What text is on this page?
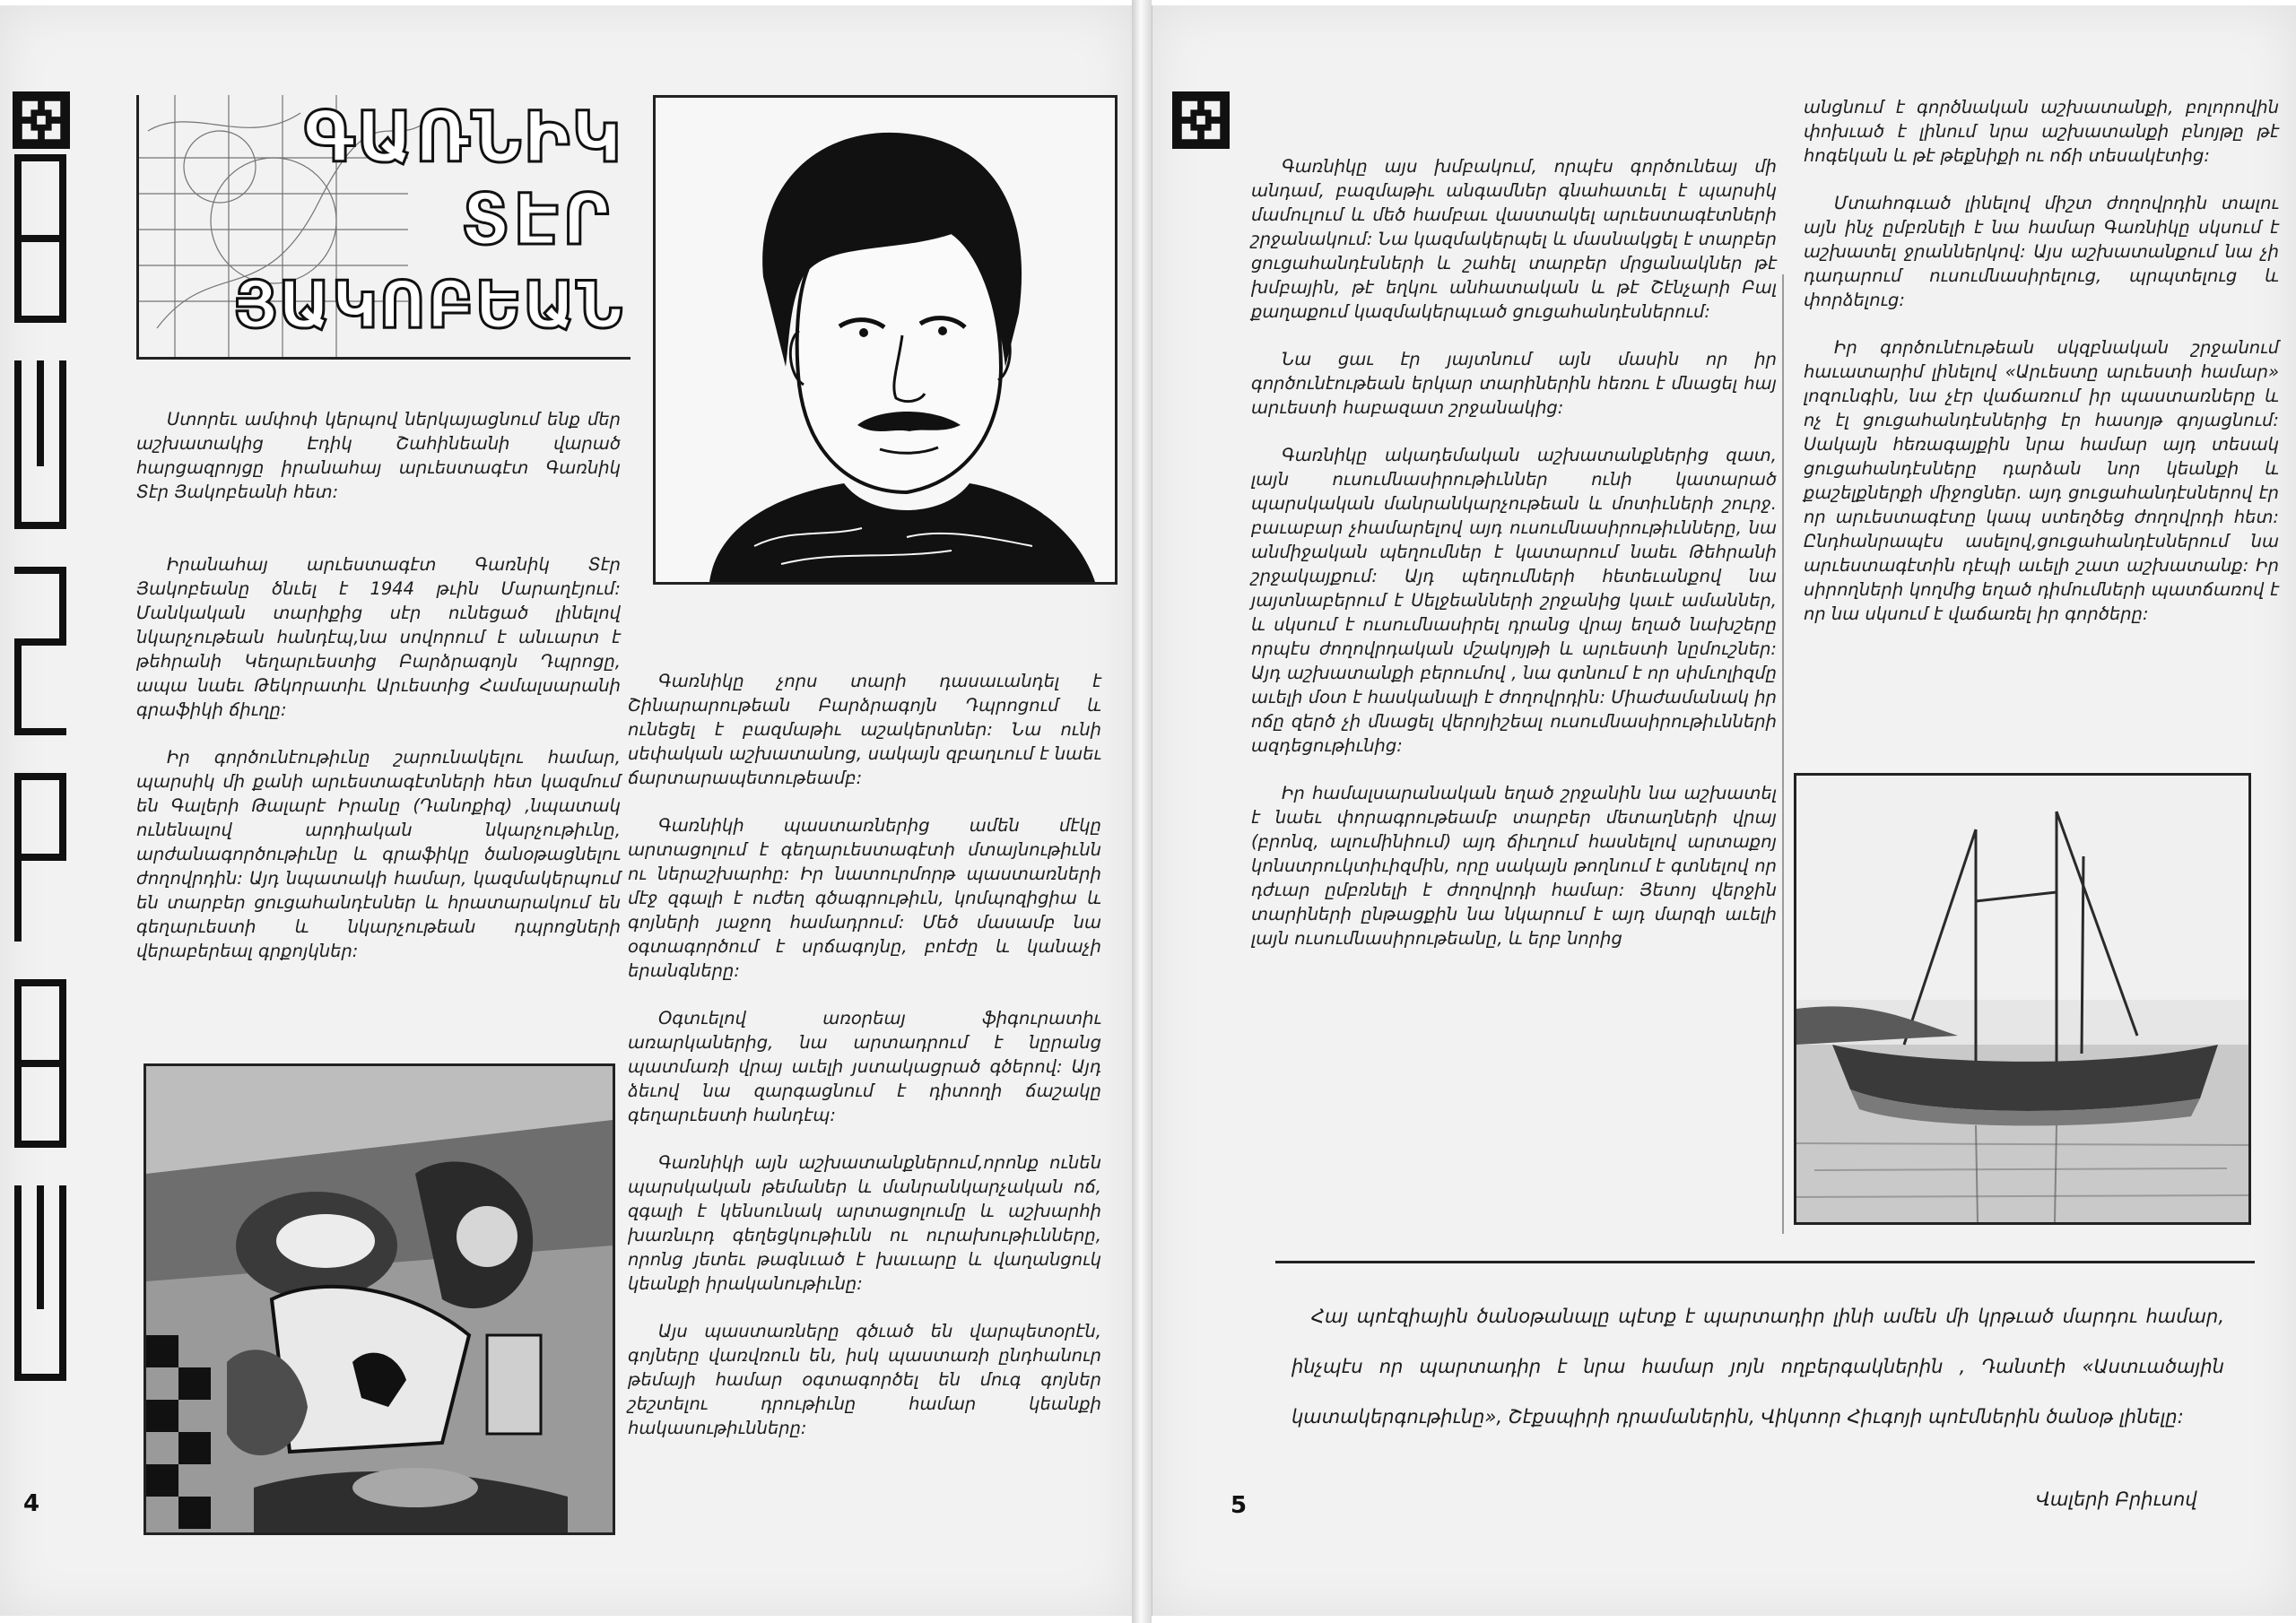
ԳԱՌՆԻԿ
ՏԷՐ
ՅԱԿՈԲԵԱՆ

Ստորեւ ամփոփ կերպով ներկայացնում ենք մեր աշխատակից Էդիկ Շահինեանի վարած հարցազրոյցը իրանահայ արւեստագէտ Գառնիկ Տէր Յակոբեանի հետ:

Իրանահայ արւեստագէտ Գառնիկ Տէր Յակոբեանը ծնւել է 1944 թւին Մարաղէյում: Մանկական տարիքից սէր ունեցած լինելով նկարչութեան հանդէպ,նա սովորում է անւարտ է թեհրանի Կեղարւեստից Բարձրագոյն Դպրոցը, ապա նաեւ Թեկորատիւ Արւեստից Համալսարանի գրաֆիկի ճիւղը:

Իր գործունէութիւնը շարունակելու համար, պարսիկ մի քանի արւեստագէտների հետ կազմում են Գալերի Թալարէ Իրանը (Դանոքիզ) ,նպատակ ունենալով արդիական նկարչութիւնը, արժանագործութիւնը և գրաֆիկը ծանօթացնելու ժողովրդին: Այդ նպատակի համար, կազմակերպում են տարբեր ցուցահանդէսներ և հրատարակում են գեղարւեստի և նկարչութեան դպրոցների վերաբերեալ գրքոյկներ:

Ֆնդ Է.

Գառնիկը չորս տարի դասաւանդել է Շինարարութեան Բարձրագոյն Դպրոցում և ունեցել է բազմաթիւ աշակերտներ: Նա ունի սեփական աշխատանոց, սակայն զբաղւում է նաեւ ճարտարապետութեամբ:

Գառնիկի պաստառներից ամեն մէկը արտացոլում է գեղարւեստագէտի մտայնութիւնն ու ներաշխարհը: Իր նատուրմորթ պաստառների մէջ զգալի է ուժեղ գծագրութիւն, կոմպոզիցիա և գոյների յաջող համադրում: Մեծ մասամբ նա օգտագործում է սրճագոյնը, բոէժը և կանաչի երանգները:

Օգտւելով առօրեայ ֆիգուրատիւ առարկաներից, նա արտադրում է նըրանց պատմառի վրայ աւելի յստակացրած գծերով: Այդ ձեւով նա զարգացնում է դիտողի ճաշակը գեղարւեստի հանդէպ:

Գառնիկի այն աշխատանքներում,որոնք ունեն պարսկական թեմաներ և մանրանկարչական ոճ, զգալի է կենսունակ արտացոլումը և աշխարհի խառնւրդ գեղեցկութիւնն ու ուրախութիւնները, որոնց յետեւ թագնւած է խաւարը և վաղանցուկ կեանքի իրականութիւնը:

Այս պաստառները գծւած են վարպետօրէն, գոյները վառվռուն են, իսկ պաստառի ընդհանուր թեմայի համար օգտագործել են մուգ գոյներ շեշտելու դրութիւնը համար կեանքի հակասութիւնները:

4

Գառնիկը այս խմբակում, որպէս գործունեայ մի անդամ, բազմաթիւ անգամներ գնահատւել է պարսիկ մամուլում և մեծ համբաւ վաստակել արւեստագէտների շրջանակում: Նա կազմակերպել և մասնակցել է տարբեր ցուցահանդէսների և շահել տարբեր մրցանակներ թէ խմբային, թէ եղկու անհատական և թէ Շէնչարի Բալ քաղաքում կազմակերպւած ցուցահանդէսներում:

Նա ցաւ էր յայտնում այն մասին որ իր գործունէութեան երկար տարիներին հեռու է մնացել հայ արւեստի հաբազատ շրջանակից:

Գառնիկը ակադեմական աշխատանքներից զատ, լայն ուսումնասիրութիւններ ունի կատարած պարսկական մանրանկարչութեան և մոտիւների շուրջ. բաւաբար չհամարելով այդ ուսումնասիրութիւնները, նա անմիջական պեղումներ է կատարում նաեւ Թեհրանի շրջակայքում: Այդ պեղումների հետեւանքով նա յայտնաբերում է Սելջեանների շրջանից կաւէ ամաններ, և սկսում է ուսումնասիրել դրանց վրայ եղած նախշերը որպէս ժողովրդական մշակոյթի և արւեստի նըմուշներ: Այդ աշխատանքի բերումով , նա գտնում է որ սիմւոլիզմը աւելի մօտ է հասկանալի է ժողովրդին: Միաժամանակ իր ոճը զերծ չի մնացել վերոյիշեալ ուսումնասիրութիւնների ազդեցութիւնից:

Իր համալսարանական եղած շրջանին նա աշխատել է նաեւ փորագրութեամբ տարբեր մետաղների վրայ (բրոնզ, ալումինիում) այդ ճիւղում հասնելով արտաքոյ կոնստրուկտիւիզմին, որը սակայն թողնում է գտնելով որ դժւար ըմբռնելի է ժողովրդի համար: Յետոյ վերջին տարիների ընթացքին նա նկարում է այդ մարզի աւելի լայն ուսումնասիրութեանը, և երբ նորից

անցնում է գործնական աշխատանքի, բոլորովին փոխւած է լինում նրա աշխատանքի բնոյթը թէ հոգեկան և թէ թեքնիքի ու ոճի տեսակէտից:

Մտահոգւած լինելով միշտ ժողովրդին տալու այն ինչ ըմբռնելի է նա համար Գառնիկը սկսում է աշխատել ջրաններկով: Այս աշխատանքում նա չի դադարում ուսումնասիրելուց, պրպտելուց և փորձելուց:

Իր գործունէութեան սկզբնական շրջանում հաւատարիմ լինելով «Արւեստը արւեստի համար» լոզունգին, նա չէր վաճառում իր պաստառները և ոչ էլ ցուցահանդէսներից էր հասոյթ գոյացնում: Սակայն հեռագայքին նրա համար այդ տեսակ ցուցահանդէսները դարձան նոր կեանքի և քաշելքներքի միջոցներ. այդ ցուցահանդէսներով էր որ արւեստագէտը կապ ստեղծեց ժողովրդի հետ: Ընդհանրապէս ասելով,ցուցահանդէսներում նա արւեստագէտին դէպի աւելի շատ աշխատանք: Իր սիրողների կողմից եղած դիմումների պատճառով է որ նա սկսում է վաճառել իր գործերը:

Հայ պոէզիային ծանօթանալը պէտք է պարտադիր լինի ամեն մի կրթւած մարդու համար, ինչպէս որ պարտադիր է նրա համար յոյն ողբերգակներին , Դանտէի «Աստւածային կատակերգութիւնը», Շէքսպիրի դրամաներին, Վիկտոր Հիւգոյի պոէմներին ծանօթ լինելը:

Վալերի Բրիւսով
5
